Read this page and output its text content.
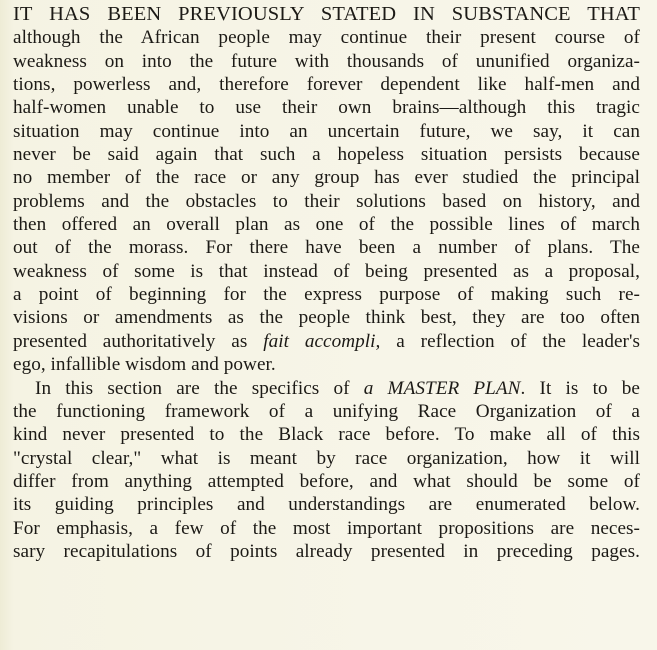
IT HAS BEEN PREVIOUSLY STATED IN SUBSTANCE THAT
although the African people may continue their present course of
weakness on into the future with thousands of ununified organiza-
tions, powerless and, therefore forever dependent like half-men and
half-women unable to use their own brains—although this tragic
situation may continue into an uncertain future, we say, it can
never be said again that such a hopeless situation persists because
no member of the race or any group has ever studied the principal
problems and the obstacles to their solutions based on history, and
then offered an overall plan as one of the possible lines of march
out of the morass. For there have been a number of plans. The
weakness of some is that instead of being presented as a proposal,
a point of beginning for the express purpose of making such re-
visions or amendments as the people think best, they are too often
presented authoritatively as fait accompli, a reflection of the leader's
ego, infallible wisdom and power.
In this section are the specifics of a MASTER PLAN. It is to be
the functioning framework of a unifying Race Organization of a
kind never presented to the Black race before. To make all of this
"crystal clear," what is meant by race organization, how it will
differ from anything attempted before, and what should be some of
its guiding principles and understandings are enumerated below.
For emphasis, a few of the most important propositions are neces-
sary recapitulations of points already presented in preceding pages.
